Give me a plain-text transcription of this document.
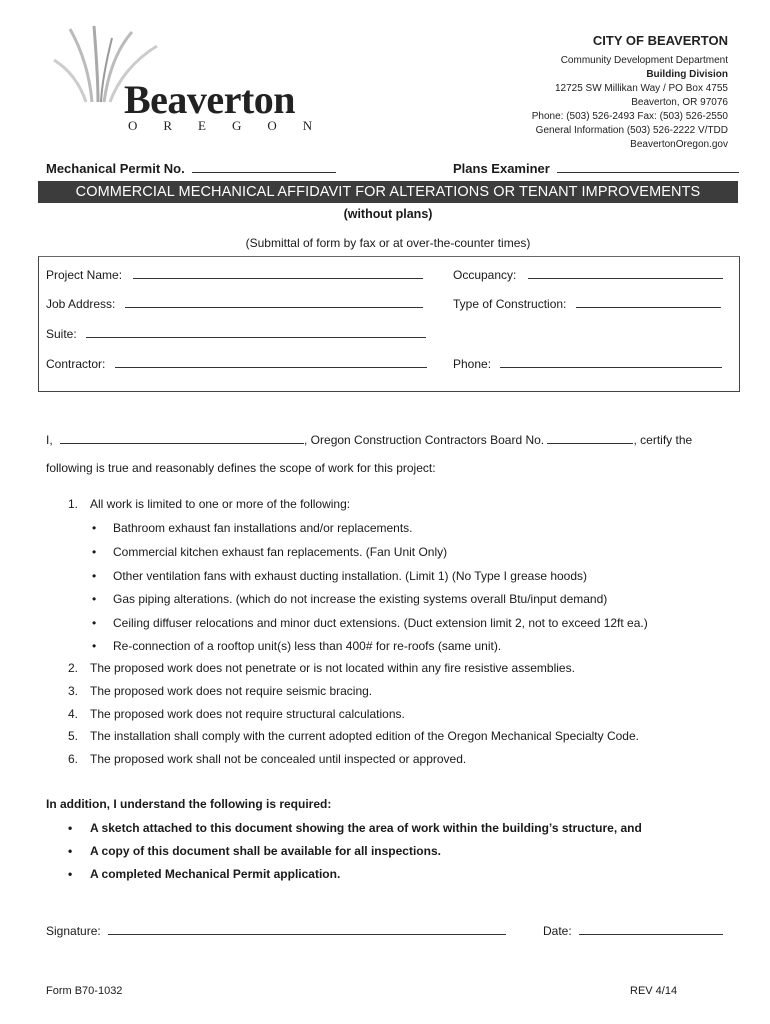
Beaverton
OREGON
CITY OF BEAVERTON
Community Development Department
Building Division
12725 SW Millikan Way / PO Box 4755
Beaverton, OR 97076
Phone: (503) 526-2493 Fax: (503) 526-2550
General Information (503) 526-2222 V/TDD
BeavertonOregon.gov
Mechanical Permit No.	Plans Examiner
COMMERCIAL MECHANICAL AFFIDAVIT FOR ALTERATIONS OR TENANT IMPROVEMENTS
(without plans)
(Submittal of form by fax or at over-the-counter times)
Project Name:	Occupancy:
Job Address:	Type of Construction:
Suite:
Contractor:	Phone:
I,	, Oregon Construction Contractors Board No.	, certify the
following is true and reasonably defines the scope of work for this project:
1. All work is limited to one or more of the following:
• Bathroom exhaust fan installations and/or replacements.
• Commercial kitchen exhaust fan replacements. (Fan Unit Only)
• Other ventilation fans with exhaust ducting installation. (Limit 1) (No Type I grease hoods)
• Gas piping alterations. (which do not increase the existing systems overall Btu/input demand)
• Ceiling diffuser relocations and minor duct extensions. (Duct extension limit 2, not to exceed 12ft ea.)
• Re-connection of a rooftop unit(s) less than 400# for re-roofs (same unit).
2. The proposed work does not penetrate or is not located within any fire resistive assemblies.
3. The proposed work does not require seismic bracing.
4. The proposed work does not require structural calculations.
5. The installation shall comply with the current adopted edition of the Oregon Mechanical Specialty Code.
6. The proposed work shall not be concealed until inspected or approved.
In addition, I understand the following is required:
• A sketch attached to this document showing the area of work within the building’s structure, and
• A copy of this document shall be available for all inspections.
• A completed Mechanical Permit application.
Signature:	Date:
Form B70-1032	REV 4/14
